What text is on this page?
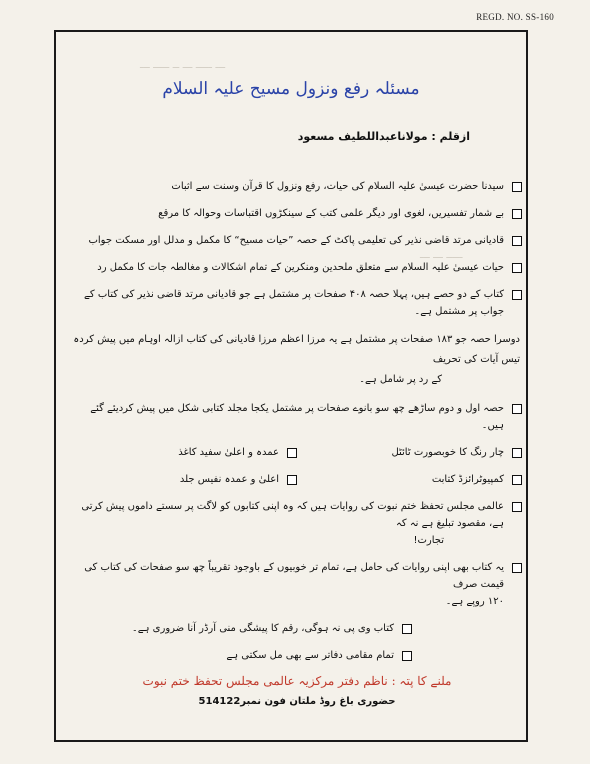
REGD. NO. SS-160
ـــ ـــــ ـــ ــ ـــــ ـــ
ـــــ ـــ ـــ
مسئلہ رفع ونزول مسیح علیہ السلام
ازقلم : مولاناعبداللطیف مسعود
سیدنا حضرت عیسیٰ علیہ السلام کی حیات، رفع ونزول کا قرآن وسنت سے اثبات
بے شمار تفسیریں، لغوی اور دیگر علمی کتب کے سینکڑوں اقتباسات وحوالہ کا مرقع
قادیانی مرتد قاضی نذیر کی تعلیمی پاکٹ کے حصہ ”حیات مسیح“ کا مکمل و مدلل اور مسکت جواب
حیات عیسیٰ علیہ السلام سے متعلق ملحدین ومنکرین کے تمام اشکالات و مغالطہ جات کا مکمل رد
کتاب کے دو حصے ہیں، پہلا حصہ ۴۰۸ صفحات پر مشتمل ہے جو قادیانی مرتد قاضی نذیر کی کتاب کے جواب پر مشتمل ہے۔
دوسرا حصہ جو ۱۸۳ صفحات پر مشتمل ہے یہ مرزا اعظم مرزا قادیانی کی کتاب ازالہ اوہام میں پیش کردہ تیس آیات کی تحریف
کے رد پر شامل ہے۔
حصہ اول و دوم ساڑھے چھ سو بانوے صفحات پر مشتمل یکجا مجلد کتابی شکل میں پیش کردیئے گئے ہیں۔
چار رنگ کا خوبصورت ٹائٹل
عمدہ و اعلیٰ سفید کاغذ
کمپیوٹرائزڈ کتابت
اعلیٰ و عمدہ نفیس جلد
عالمی مجلس تحفظ ختم نبوت کی روایات ہیں کہ وہ اپنی کتابوں کو لاگت پر سستے داموں پیش کرتی ہے، مقصود تبلیغ ہے نہ کہ
تجارت!
یہ کتاب بھی اپنی روایات کی حامل ہے، تمام تر خوبیوں کے باوجود تقریباً چھ سو صفحات کی کتاب کی قیمت صرف
۱۲۰ روپے ہے۔
کتاب وی پی نہ ہوگی، رقم کا پیشگی منی آرڈر آنا ضروری ہے۔
تمام مقامی دفاتر سے بھی مل سکتی ہے
ملنے کا پتہ : ناظم دفتر مرکزیہ عالمی مجلس تحفظ ختم نبوت
حضوری باغ روڈ ملتان فون نمبر514122
